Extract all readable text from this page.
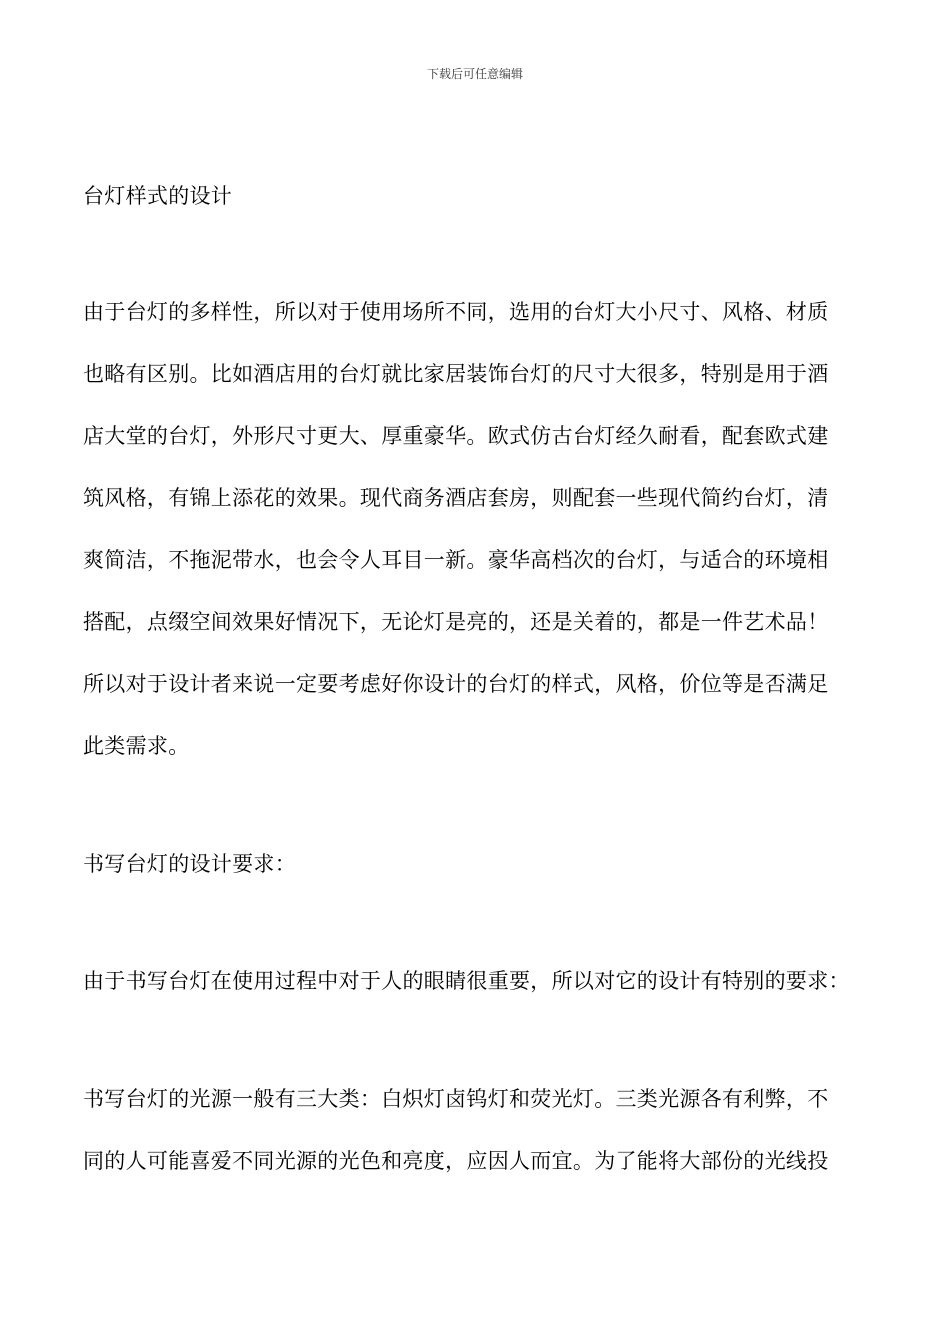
下载后可任意编辑
台灯样式的设计
由于台灯的多样性，所以对于使用场所不同，选用的台灯大小尺寸、风格、材质
也略有区别。比如酒店用的台灯就比家居装饰台灯的尺寸大很多，特别是用于酒
店大堂的台灯，外形尺寸更大、厚重豪华。欧式仿古台灯经久耐看，配套欧式建
筑风格，有锦上添花的效果。现代商务酒店套房，则配套一些现代简约台灯，清
爽简洁，不拖泥带水，也会令人耳目一新。豪华高档次的台灯，与适合的环境相
搭配，点缀空间效果好情况下，无论灯是亮的，还是关着的，都是一件艺术品！
所以对于设计者来说一定要考虑好你设计的台灯的样式，风格，价位等是否满足
此类需求。
书写台灯的设计要求：
由于书写台灯在使用过程中对于人的眼睛很重要，所以对它的设计有特别的要求：
书写台灯的光源一般有三大类：白炽灯卤钨灯和荧光灯。三类光源各有利弊，不
同的人可能喜爱不同光源的光色和亮度，应因人而宜。为了能将大部份的光线投
